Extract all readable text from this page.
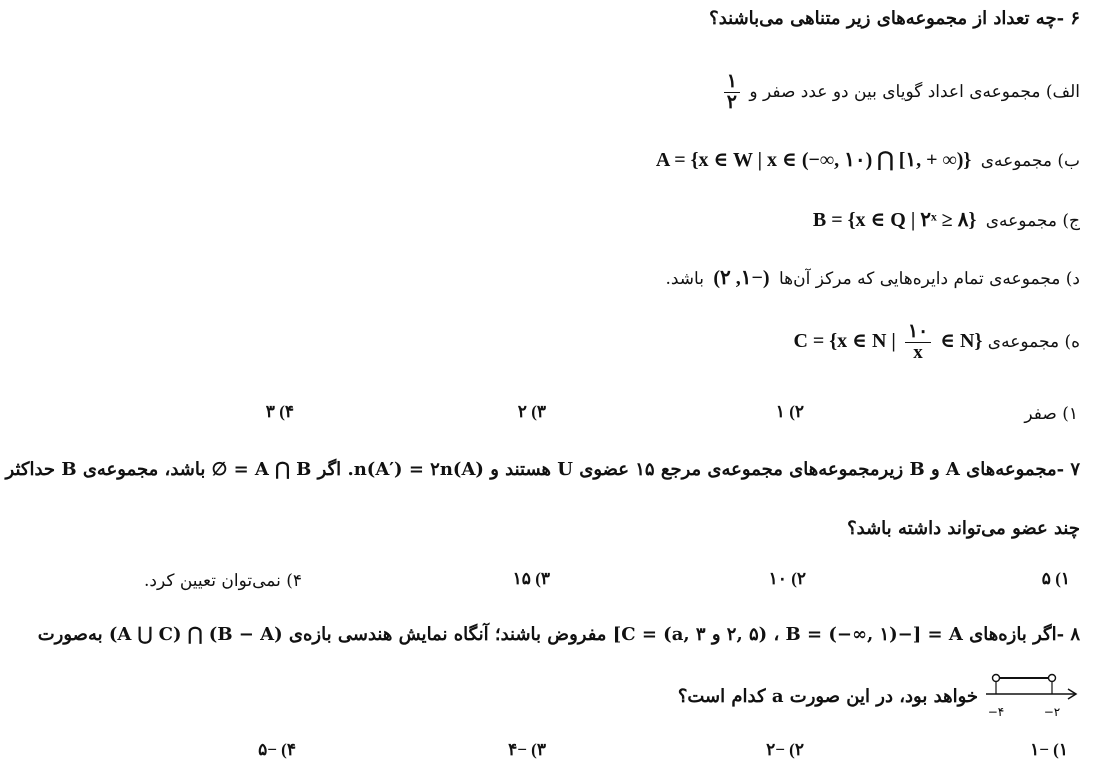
۶ -چه تعداد از مجموعه‌های زیر متناهی می‌باشند؟
الف) مجموعه‌ی اعداد گویای بین دو عدد صفر و
$\frac{۱}{۲}$
ب) مجموعه‌ی A = {x ∈ W | x ∈ (−∞, ۱۰) ⋂ [۱, + ∞)}
ج) مجموعه‌ی B = {x ∈ Q | ۲ˣ ≥ ۸}
د) مجموعه‌ی تمام دایره‌هایی که مرکز آن‌ها (۲ ,۱−) باشد.
ه) مجموعه‌ی C = {x ∈ N | $\frac{۱۰}{x}$ ∈ N}
۱) صفر
۲) ۱
۳) ۲
۴) ۳
۷ -مجموعه‌های A و B زیرمجموعه‌های مجموعه‌ی مرجع ۱۵ عضوی U هستند و n(A′) = ۲n(A). اگر A ⋂ B = ∅ باشد، مجموعه‌ی B حداکثر
چند عضو می‌تواند داشته باشد؟
۱) ۵
۲) ۱۰
۳) ۱۵
۴) نمی‌توان تعیین کرد.
۸ -اگر بازه‌های A = [−۲, ۵) ، B = (−∞, ۱) و C = (a, ۳] مفروض باشند؛ آنگاه نمایش هندسی بازه‌ی (B − A) ⋂ (A ⋃ C) به‌صورت
−۴	−۲
خواهد بود، در این صورت a کدام است؟
۱) −۱
۲) −۲
۳) −۴
۴) −۵
